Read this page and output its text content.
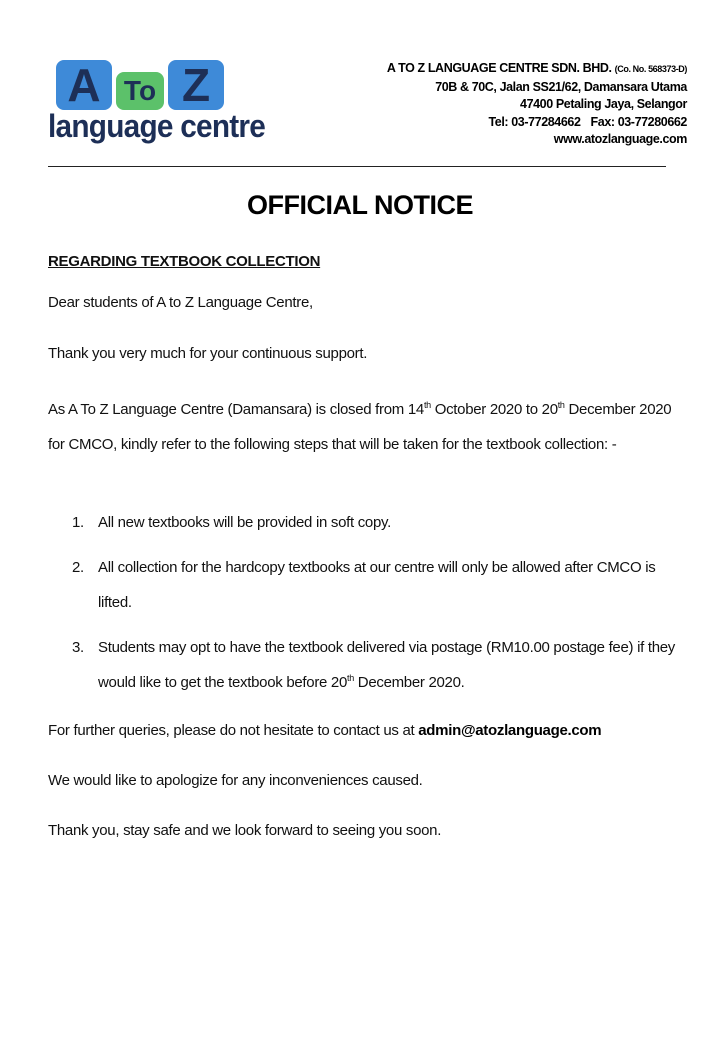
A To Z
language centre
A TO Z LANGUAGE CENTRE SDN. BHD. (Co. No. 568373-D)
70B & 70C, Jalan SS21/62, Damansara Utama
47400 Petaling Jaya, Selangor
Tel: 03-77284662 Fax: 03-77280662
www.atozlanguage.com
OFFICIAL NOTICE
REGARDING TEXTBOOK COLLECTION
Dear students of A to Z Language Centre,
Thank you very much for your continuous support.
As A To Z Language Centre (Damansara) is closed from 14th October 2020 to 20th December 2020 for CMCO, kindly refer to the following steps that will be taken for the textbook collection: -
1. All new textbooks will be provided in soft copy.
2. All collection for the hardcopy textbooks at our centre will only be allowed after CMCO is lifted.
3. Students may opt to have the textbook delivered via postage (RM10.00 postage fee) if they would like to get the textbook before 20th December 2020.
For further queries, please do not hesitate to contact us at admin@atozlanguage.com
We would like to apologize for any inconveniences caused.
Thank you, stay safe and we look forward to seeing you soon.
